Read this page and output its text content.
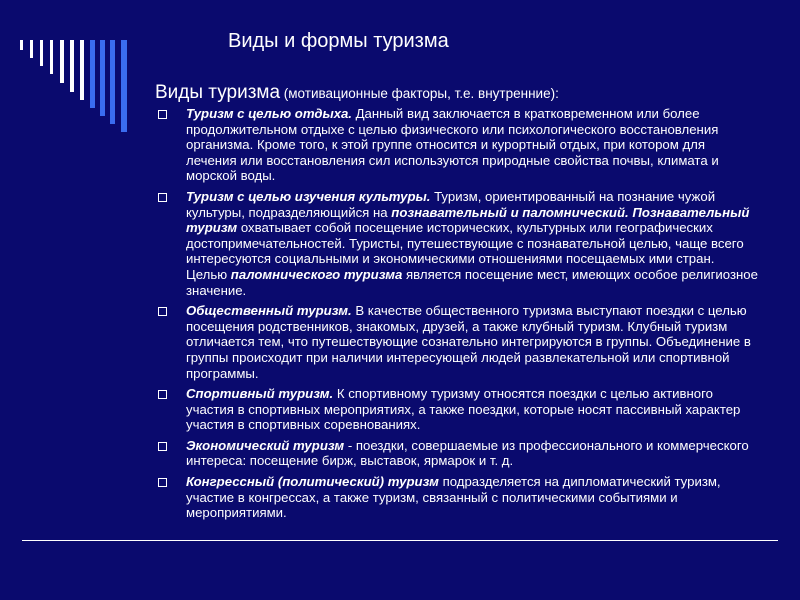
Виды и формы туризма
Виды туризма (мотивационные факторы, т.е. внутренние):
Туризм с целью отдыха. Данный вид заключается в кратковременном или более продолжительном отдыхе с целью физического или психологического восстановления организма. Кроме того, к этой группе относится и курортный отдых, при котором для лечения или восстановления сил используются природные свойства почвы, климата и морской воды.
Туризм с целью изучения культуры. Туризм, ориентированный на познание чужой культуры, подразделяющийся на познавательный и паломнический. Познавательный туризм охватывает собой посещение исторических, культурных или географических достопримечательностей. Туристы, путешествующие с познавательной целью, чаще всего интересуются социальными и экономическими отношениями посещаемых ими стран. Целью паломнического туризма является посещение мест, имеющих особое религиозное значение.
Общественный туризм. В качестве общественного туризма выступают поездки с целью посещения родственников, знакомых, друзей, а также клубный туризм. Клубный туризм отличается тем, что путешествующие сознательно интегрируются в группы. Объединение в группы происходит при наличии интересующей людей развлекательной или спортивной программы.
Спортивный туризм. К спортивному туризму относятся поездки с целью активного участия в спортивных мероприятиях, а также поездки, которые носят пассивный характер участия в спортивных соревнованиях.
Экономический туризм - поездки, совершаемые из профессионального и коммерческого интереса: посещение бирж, выставок, ярмарок и т. д.
Конгрессный (политический) туризм подразделяется на дипломатический туризм, участие в конгрессах, а также туризм, связанный с политическими событиями и мероприятиями.
